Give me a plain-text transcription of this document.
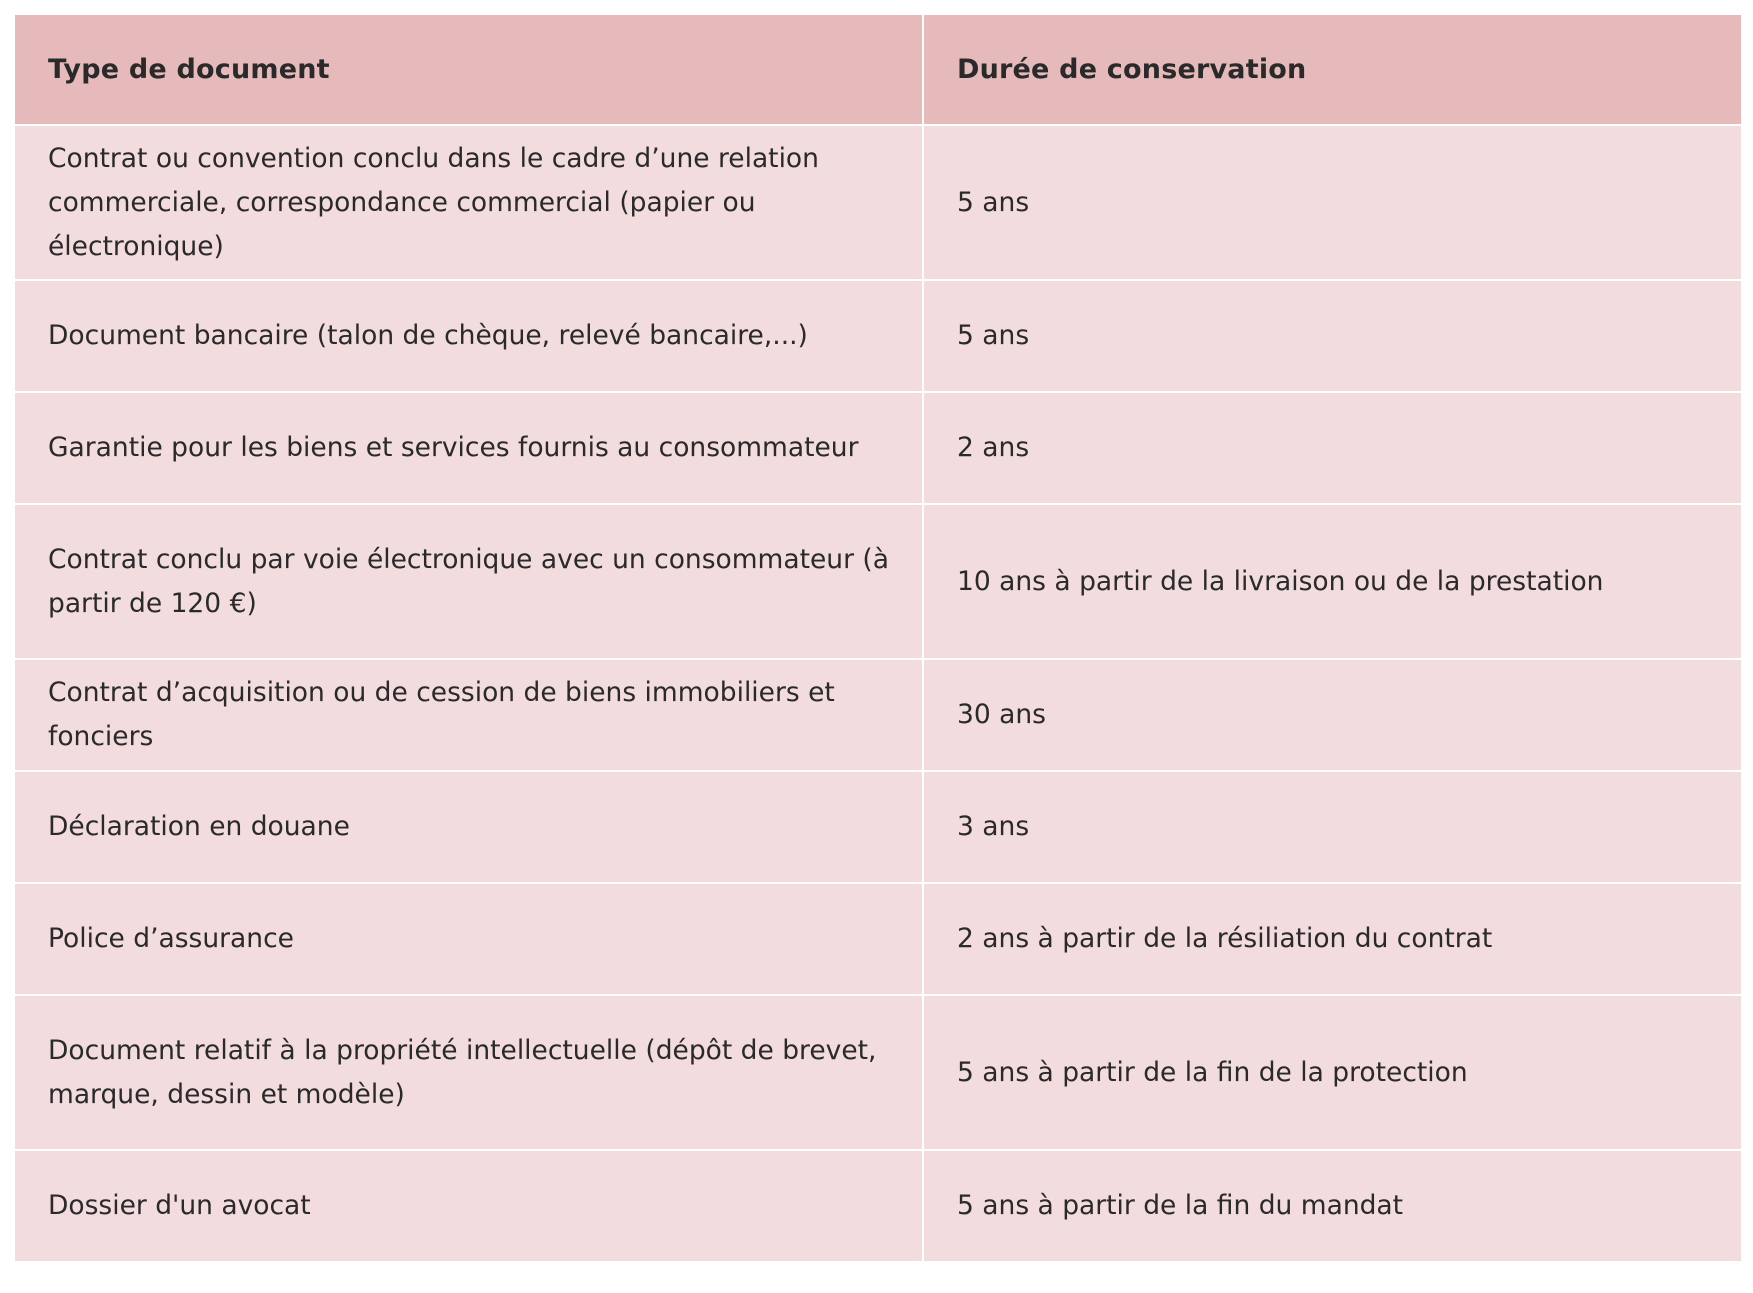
Type de document	Durée de conservation
Contrat ou convention conclu dans le cadre d’une relation commerciale, correspondance commercial (papier ou électronique)	5 ans
Document bancaire (talon de chèque, relevé bancaire,...)	5 ans
Garantie pour les biens et services fournis au consommateur	2 ans
Contrat conclu par voie électronique avec un consommateur (à partir de 120 €)	10 ans à partir de la livraison ou de la prestation
Contrat d’acquisition ou de cession de biens immobiliers et fonciers	30 ans
Déclaration en douane	3 ans
Police d’assurance	2 ans à partir de la résiliation du contrat
Document relatif à la propriété intellectuelle (dépôt de brevet, marque, dessin et modèle)	5 ans à partir de la fin de la protection
Dossier d'un avocat	5 ans à partir de la fin du mandat
